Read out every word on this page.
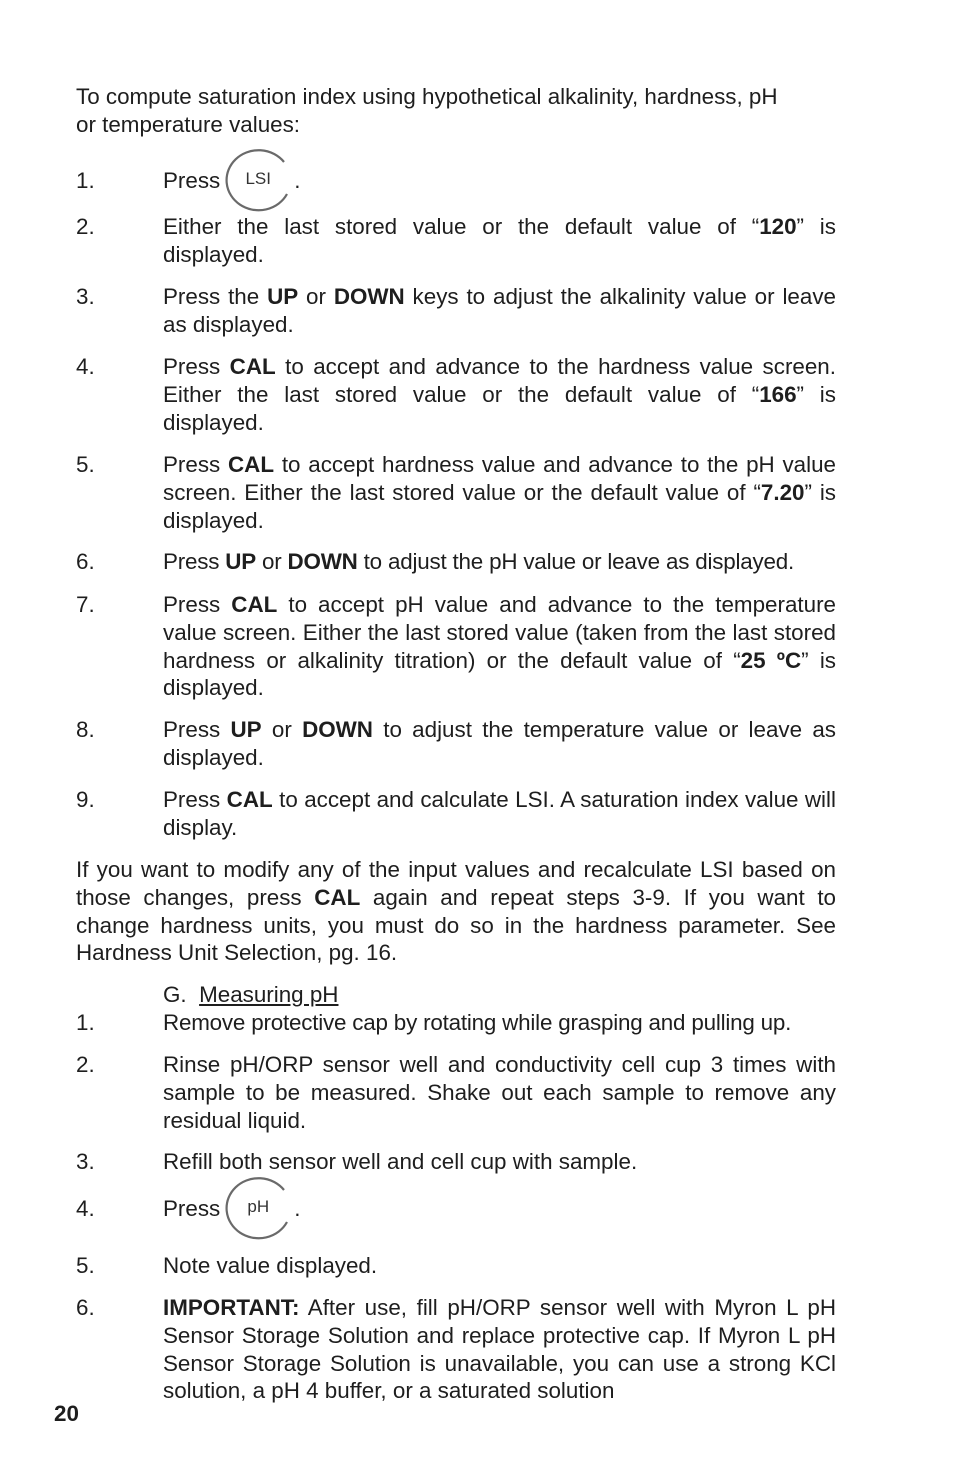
To compute saturation index using hypothetical alkalinity, hardness, pH
or temperature values:
1.	Press	LSI	.
2.	Either the last stored value or the default value of “120” is displayed.
3.	Press the UP or DOWN keys to adjust the alkalinity value or leave as displayed.
4.	Press CAL to accept and advance to the hardness value screen. Either the last stored value or the default value of “166” is displayed.
5.	Press CAL to accept hardness value and advance to the pH value screen. Either the last stored value or the default value of “7.20” is displayed.
6.	Press UP or DOWN to adjust the pH value or leave as displayed.
7.	Press CAL to accept pH value and advance to the temperature value screen. Either the last stored value (taken from the last stored hardness or alkalinity titration) or the default value of “25 ºC” is displayed.
8.	Press UP or DOWN to adjust the temperature value or leave as displayed.
9.	Press CAL to accept and calculate LSI. A saturation index value will display.
If you want to modify any of the input values and recalculate LSI based on those changes, press CAL again and repeat steps 3-9. If you want to change hardness units, you must do so in the hardness parameter. See Hardness Unit Selection, pg. 16.
G. Measuring pH
1.	Remove protective cap by rotating while grasping and pulling up.
2.	Rinse pH/ORP sensor well and conductivity cell cup 3 times with sample to be measured. Shake out each sample to remove any residual liquid.
3.	Refill both sensor well and cell cup with sample.
4.	Press	pH	.
5.	Note value displayed.
6.	IMPORTANT: After use, fill pH/ORP sensor well with Myron L pH Sensor Storage Solution and replace protective cap. If Myron L pH Sensor Storage Solution is unavailable, you can use a strong KCl solution, a pH 4 buffer, or a saturated solution
20
